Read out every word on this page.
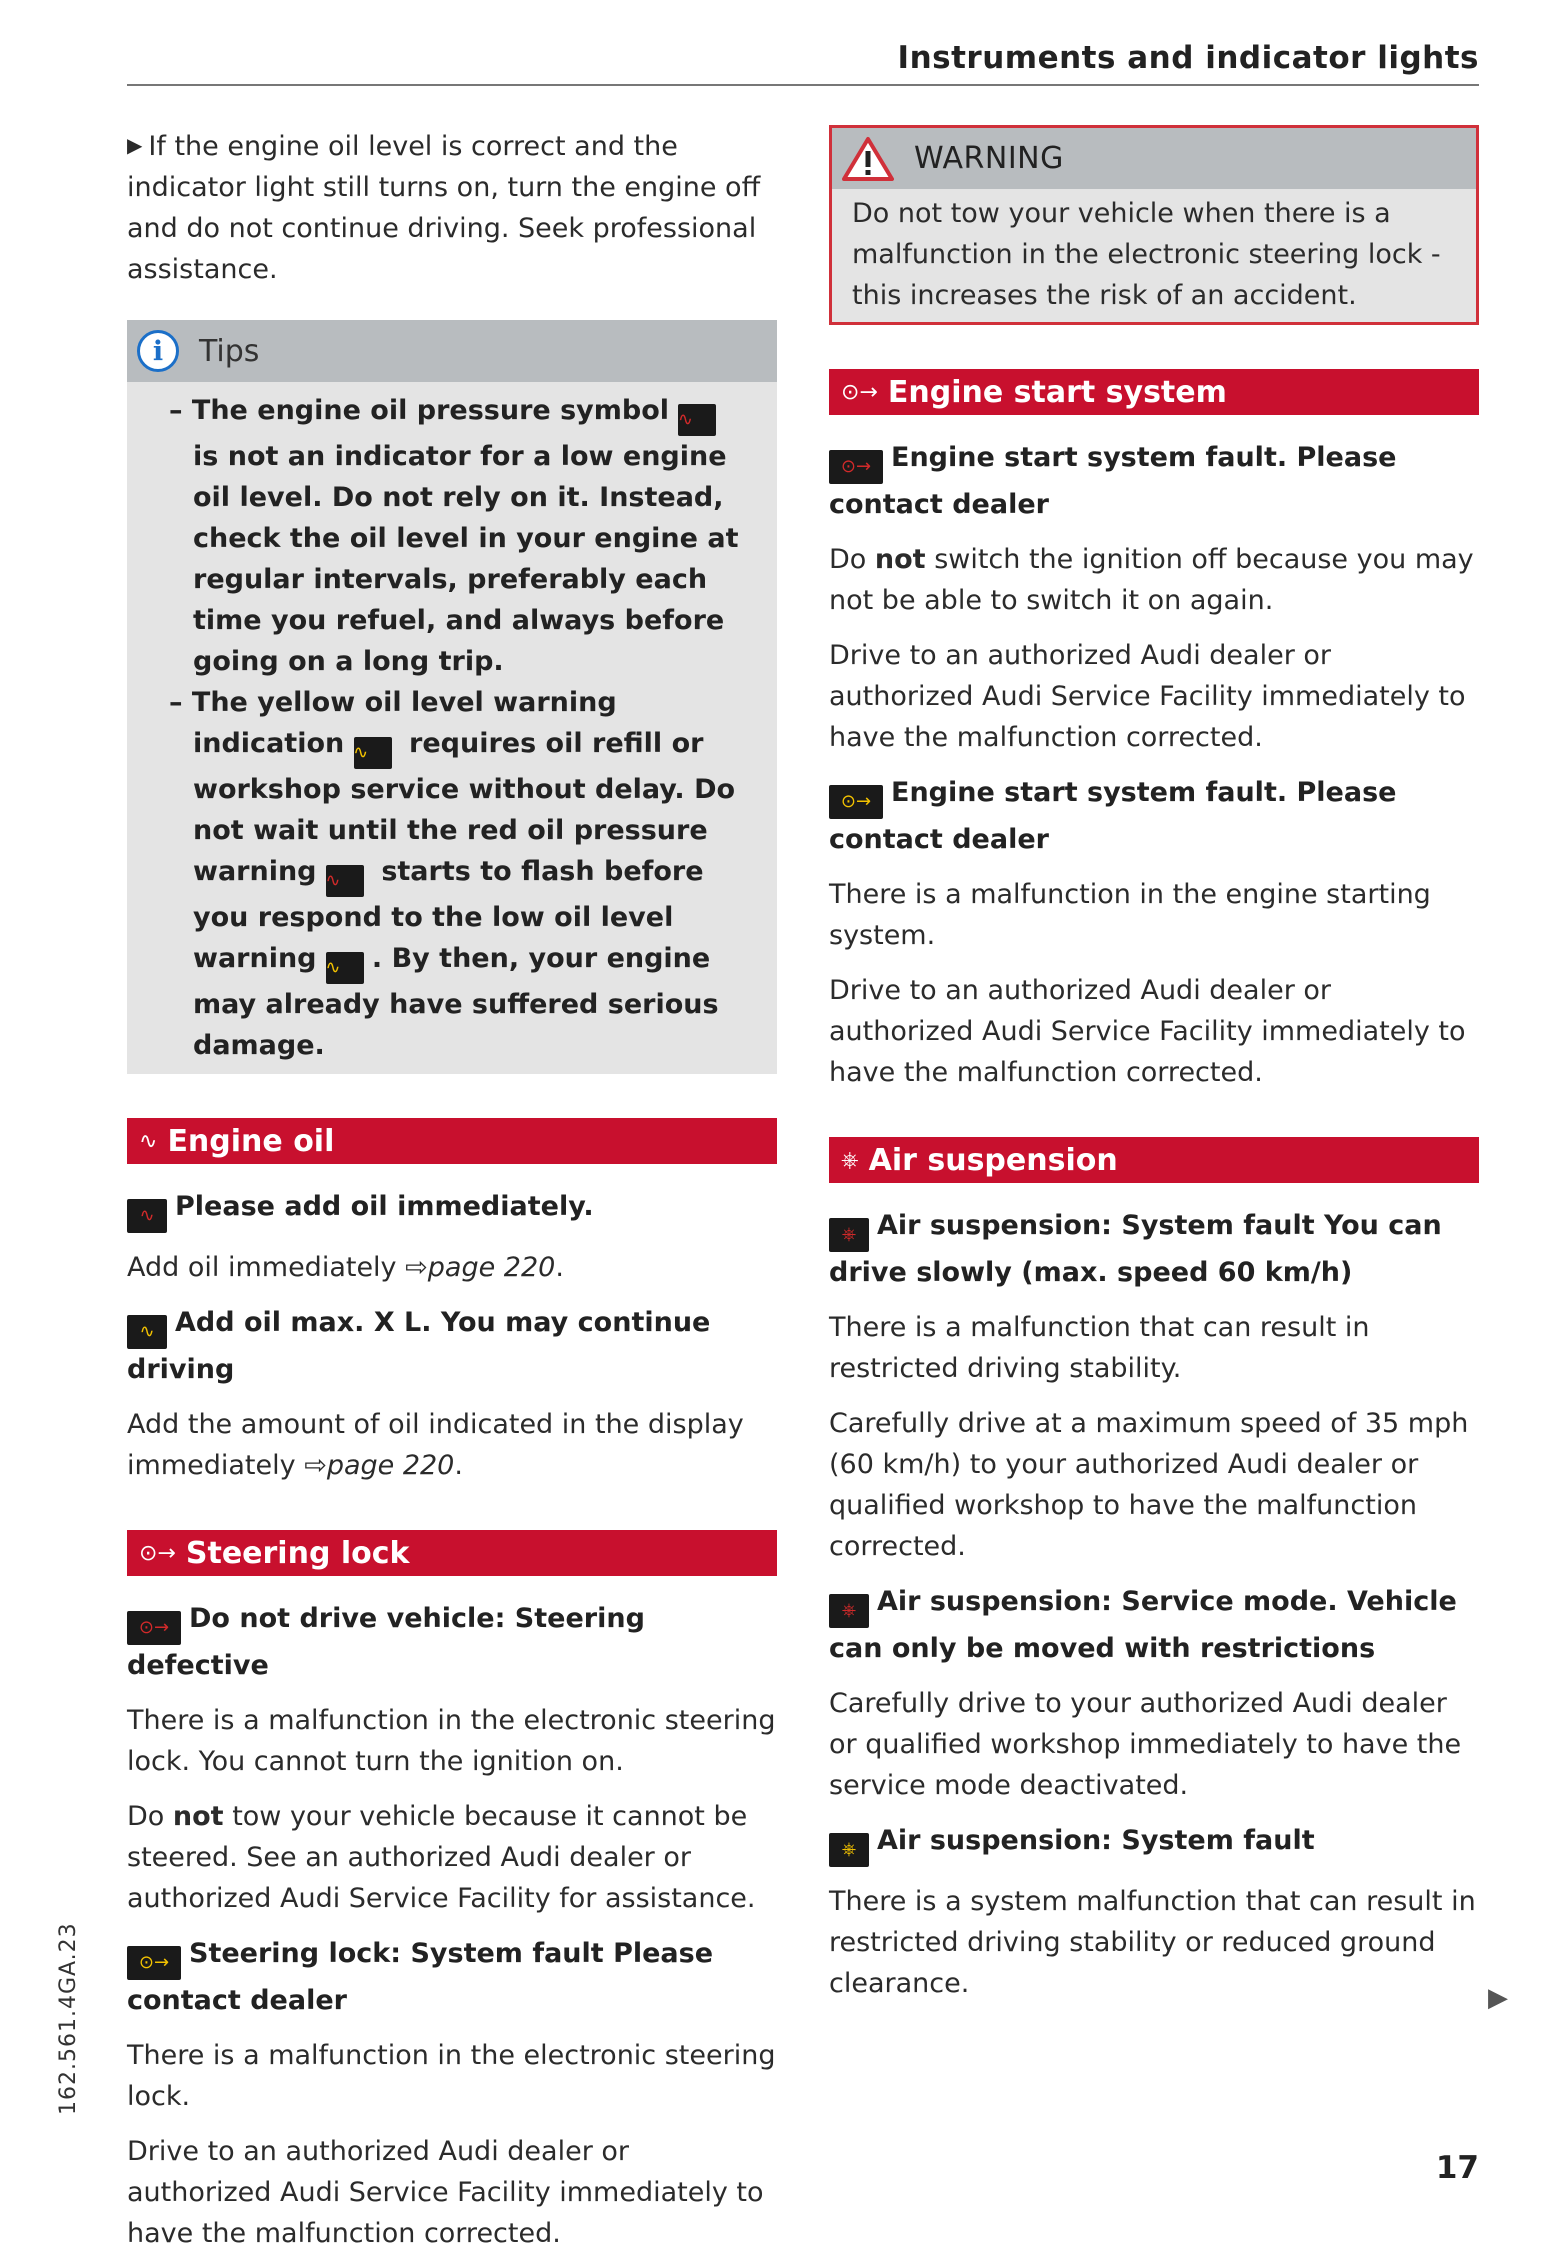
Instruments and indicator lights

▶ If the engine oil level is correct and the indicator light still turns on, turn the engine off and do not continue driving. Seek professional assistance.

i	Tips
– The engine oil pressure symbol ∿ is not an indicator for a low engine oil level. Do not rely on it. Instead, check the oil level in your engine at regular intervals, preferably each time you refuel, and always before going on a long trip.
– The yellow oil level warning indication ∿ requires oil refill or workshop service without delay. Do not wait until the red oil pressure warning ∿ starts to flash before you respond to the low oil level warning ∿ . By then, your engine may already have suffered serious damage.
∿ Engine oil
∿ Please add oil immediately.

Add oil immediately ⇨page 220.

∿ Add oil max. X L. You may continue driving

Add the amount of oil indicated in the display immediately ⇨page 220.

⊙→ Steering lock
⊙→ Do not drive vehicle: Steering defective

There is a malfunction in the electronic steering lock. You cannot turn the ignition on.

Do not tow your vehicle because it cannot be steered. See an authorized Audi dealer or authorized Audi Service Facility for assistance.

⊙→ Steering lock: System fault Please contact dealer

There is a malfunction in the electronic steering lock.

Drive to an authorized Audi dealer or authorized Audi Service Facility immediately to have the malfunction corrected.

WARNING
Do not tow your vehicle when there is a malfunction in the electronic steering lock - this increases the risk of an accident.
⊙→ Engine start system
⊙→ Engine start system fault. Please contact dealer

Do not switch the ignition off because you may not be able to switch it on again.

Drive to an authorized Audi dealer or authorized Audi Service Facility immediately to have the malfunction corrected.

⊙→ Engine start system fault. Please contact dealer

There is a malfunction in the engine starting system.

Drive to an authorized Audi dealer or authorized Audi Service Facility immediately to have the malfunction corrected.

⎈ Air suspension
⎈ Air suspension: System fault You can drive slowly (max. speed 60 km/h)

There is a malfunction that can result in restricted driving stability.

Carefully drive at a maximum speed of 35 mph (60 km/h) to your authorized Audi dealer or qualified workshop to have the malfunction corrected.

⎈ Air suspension: Service mode. Vehicle can only be moved with restrictions

Carefully drive to your authorized Audi dealer or qualified workshop immediately to have the service mode deactivated.

⎈ Air suspension: System fault

There is a system malfunction that can result in restricted driving stability or reduced ground clearance.

162.561.4GA.23	▶
17
